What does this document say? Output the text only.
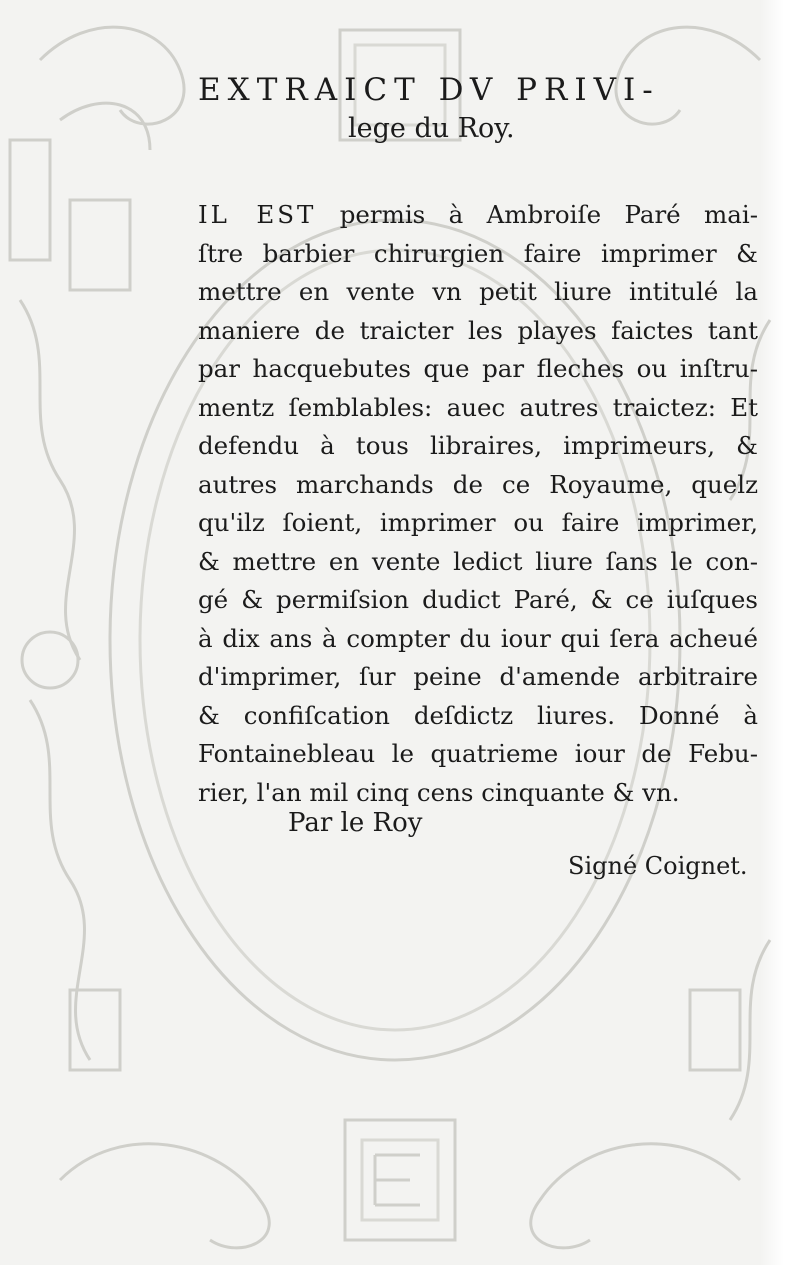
EXTRAICT DV PRIVI-
lege du Roy.
IL EST permis à Ambroiſe Paré mai-
ſtre barbier chirurgien faire imprimer &
mettre en vente vn petit liure intitulé la
maniere de traicter les playes faictes tant
par hacquebutes que par fleches ou inſtru-
mentz ſemblables: auec autres traictez: Et
defendu à tous libraires, imprimeurs, &
autres marchands de ce Royaume, quelz
qu'ilz ſoient, imprimer ou faire imprimer,
& mettre en vente ledict liure ſans le con-
gé & permiſsion dudict Paré, & ce iuſques
à dix ans à compter du iour qui ſera acheué
d'imprimer, ſur peine d'amende arbitraire
& confiſcation deſdictz liures. Donné à
Fontainebleau le quatrieme iour de Febu-
rier, l'an mil cinq cens cinquante & vn.
Par le Roy
Signé Coignet.
